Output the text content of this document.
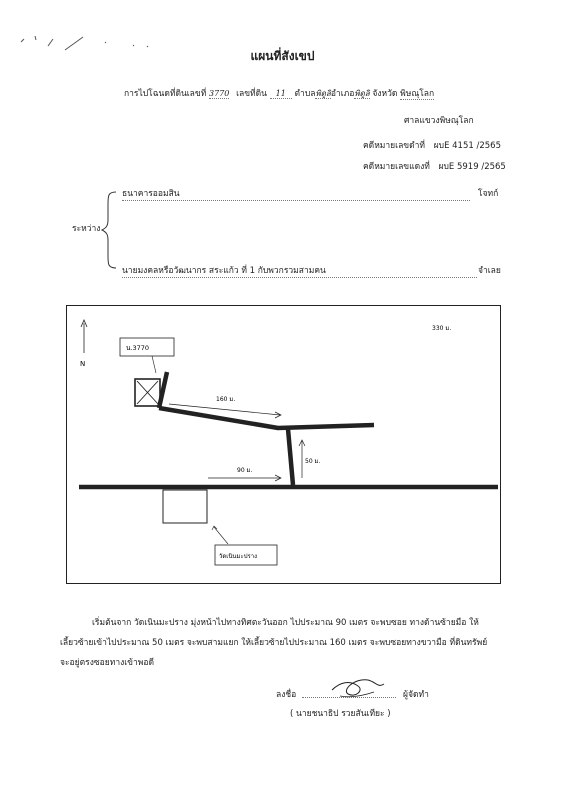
แผนที่สังเขป
การไปโฉนดที่ดินเลขที่ 3770 เลขที่ดิน 11 ตำบลพิดูลิอำเภอพิดูลิ จังหวัด พิษณุโลก
ศาลแขวงพิษณุโลก
คดีหมายเลขดำที่ ผบE 4151 /2565
คดีหมายเลขแดงที่ ผบE 5919 /2565
ธนาคารออมสิน	โจทก์
ระหว่าง
นายมงคลหรือวัฒนากร สระแก้ว ที่ 1 กับพวกรวมสามคน	จำเลย
330 ม.
N
น.3770
160 ม.
50 ม.
90 ม.
วัดเนินมะปราง
เริ่มต้นจาก วัดเนินมะปราง มุ่งหน้าไปทางทิศตะวันออก ไปประมาณ 90 เมตร จะพบซอย ทางด้านซ้ายมือ ให้
เลี้ยวซ้ายเข้าไปประมาณ 50 เมตร จะพบสามแยก ให้เลี้ยวซ้ายไปประมาณ 160 เมตร จะพบซอยทางขวามือ ที่ดินทรัพย์
จะอยู่ตรงซอยทางเข้าพอดี
ลงชื่อ	ผู้จัดทำ
( นายชนาธิป รวยสันเทียะ )
